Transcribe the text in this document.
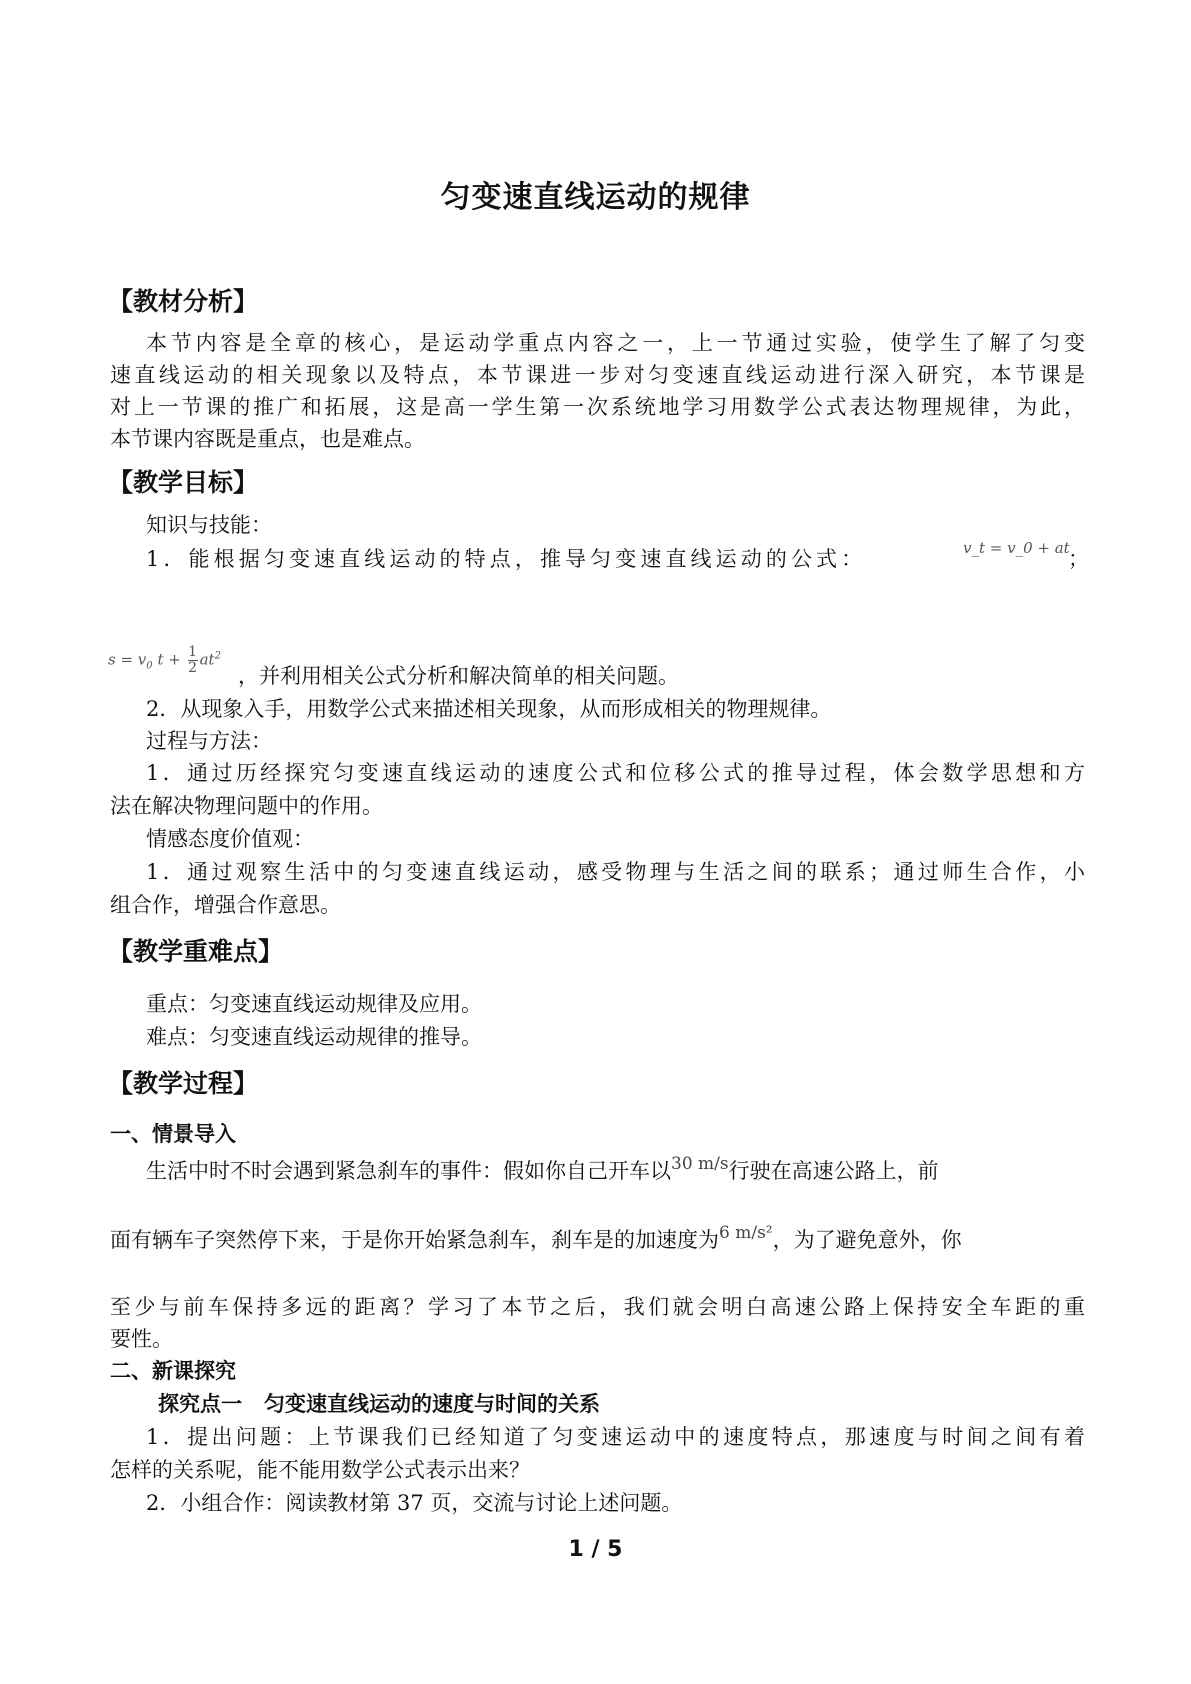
匀变速直线运动的规律
【教材分析】
本节内容是全章的核心，是运动学重点内容之一，上一节通过实验，使学生了解了匀变
速直线运动的相关现象以及特点，本节课进一步对匀变速直线运动进行深入研究，本节课是
对上一节课的推广和拓展，这是高一学生第一次系统地学习用数学公式表达物理规律，为此，
本节课内容既是重点，也是难点。
【教学目标】
知识与技能：
1．能根据匀变速直线运动的特点，推导匀变速直线运动的公式：	v_t = v_0 + at
；
$s = v_0$ $t + \frac{1}{2} at^2$
，并利用相关公式分析和解决简单的相关问题。
2．从现象入手，用数学公式来描述相关现象，从而形成相关的物理规律。
过程与方法：
1．通过历经探究匀变速直线运动的速度公式和位移公式的推导过程，体会数学思想和方
法在解决物理问题中的作用。
情感态度价值观：
1．通过观察生活中的匀变速直线运动，感受物理与生活之间的联系；通过师生合作，小
组合作，增强合作意思。
【教学重难点】
重点：匀变速直线运动规律及应用。
难点：匀变速直线运动规律的推导。
【教学过程】
一、情景导入
生活中时不时会遇到紧急刹车的事件：假如你自己开车以$^{30 m/s}$行驶在高速公路上，前
面有辆车子突然停下来，于是你开始紧急刹车，刹车是的加速度为$^{6 m/s^2}$，为了避免意外，你
至少与前车保持多远的距离？学习了本节之后，我们就会明白高速公路上保持安全车距的重
要性。
二、新课探究
探究点一 匀变速直线运动的速度与时间的关系
1．提出问题：上节课我们已经知道了匀变速运动中的速度特点，那速度与时间之间有着
怎样的关系呢，能不能用数学公式表示出来？
2．小组合作：阅读教材第 37 页，交流与讨论上述问题。
1 / 5
